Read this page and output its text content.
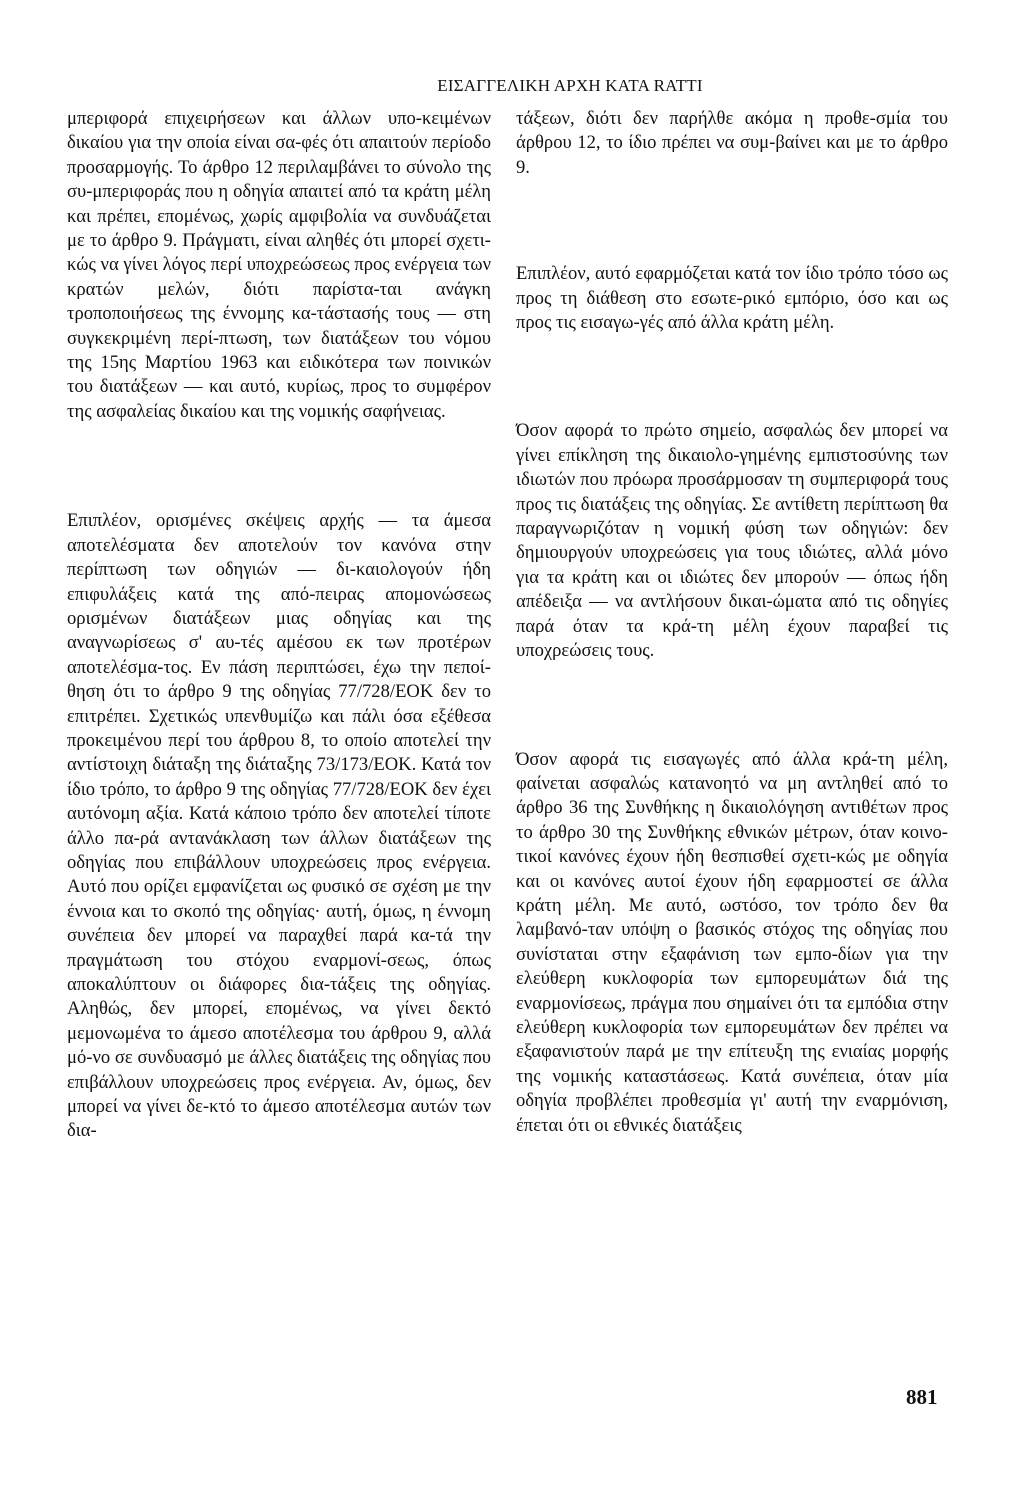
ΕΙΣΑΓΓΕΛΙΚΗ ΑΡΧΗ ΚΑΤΑ RATTI

μπεριφορά επιχειρήσεων και άλλων υπο-κειμένων δικαίου για την οποία είναι σα-φές ότι απαιτούν περίοδο προσαρμογής. Το άρθρο 12 περιλαμβάνει το σύνολο της συ-μπεριφοράς που η οδηγία απαιτεί από τα κράτη μέλη και πρέπει, επομένως, χωρίς αμφιβολία να συνδυάζεται με το άρθρο 9. Πράγματι, είναι αληθές ότι μπορεί σχετι-κώς να γίνει λόγος περί υποχρεώσεως προς ενέργεια των κρατών μελών, διότι παρίστα-ται ανάγκη τροποποιήσεως της έννομης κα-τάστασής τους — στη συγκεκριμένη περί-πτωση, των διατάξεων του νόμου της 15ης Μαρτίου 1963 και ειδικότερα των ποινικών του διατάξεων — και αυτό, κυρίως, προς το συμφέρον της ασφαλείας δικαίου και της νομικής σαφήνειας.

Επιπλέον, ορισμένες σκέψεις αρχής — τα άμεσα αποτελέσματα δεν αποτελούν τον κανόνα στην περίπτωση των οδηγιών — δι-καιολογούν ήδη επιφυλάξεις κατά της από-πειρας απομονώσεως ορισμένων διατάξεων μιας οδηγίας και της αναγνωρίσεως σ' αυ-τές αμέσου εκ των προτέρων αποτελέσμα-τος. Εν πάση περιπτώσει, έχω την πεποί-θηση ότι το άρθρο 9 της οδηγίας 77/728/ΕΟΚ δεν το επιτρέπει. Σχετικώς υπενθυμίζω και πάλι όσα εξέθεσα προκειμένου περί του άρθρου 8, το οποίο αποτελεί την αντίστοιχη διάταξη της διάταξης 73/173/ΕΟΚ. Κατά τον ίδιο τρόπο, το άρθρο 9 της οδηγίας 77/728/ΕΟΚ δεν έχει αυτόνομη αξία. Κατά κάποιο τρόπο δεν αποτελεί τίποτε άλλο πα-ρά αντανάκλαση των άλλων διατάξεων της οδηγίας που επιβάλλουν υποχρεώσεις προς ενέργεια. Αυτό που ορίζει εμφανίζεται ως φυσικό σε σχέση με την έννοια και το σκοπό της οδηγίας· αυτή, όμως, η έννομη συνέπεια δεν μπορεί να παραχθεί παρά κα-τά την πραγμάτωση του στόχου εναρμονί-σεως, όπως αποκαλύπτουν οι διάφορες δια-τάξεις της οδηγίας. Αληθώς, δεν μπορεί, επομένως, να γίνει δεκτό μεμονωμένα το άμεσο αποτέλεσμα του άρθρου 9, αλλά μό-νο σε συνδυασμό με άλλες διατάξεις της οδηγίας που επιβάλλουν υποχρεώσεις προς ενέργεια. Αν, όμως, δεν μπορεί να γίνει δε-κτό το άμεσο αποτέλεσμα αυτών των δια-

τάξεων, διότι δεν παρήλθε ακόμα η προθε-σμία του άρθρου 12, το ίδιο πρέπει να συμ-βαίνει και με το άρθρο 9.

Επιπλέον, αυτό εφαρμόζεται κατά τον ίδιο τρόπο τόσο ως προς τη διάθεση στο εσωτε-ρικό εμπόριο, όσο και ως προς τις εισαγω-γές από άλλα κράτη μέλη.

Όσον αφορά το πρώτο σημείο, ασφαλώς δεν μπορεί να γίνει επίκληση της δικαιολο-γημένης εμπιστοσύνης των ιδιωτών που πρόωρα προσάρμοσαν τη συμπεριφορά τους προς τις διατάξεις της οδηγίας. Σε αντίθετη περίπτωση θα παραγνωριζόταν η νομική φύση των οδηγιών: δεν δημιουργούν υποχρεώσεις για τους ιδιώτες, αλλά μόνο για τα κράτη και οι ιδιώτες δεν μπορούν — όπως ήδη απέδειξα — να αντλήσουν δικαι-ώματα από τις οδηγίες παρά όταν τα κρά-τη μέλη έχουν παραβεί τις υποχρεώσεις τους.

Όσον αφορά τις εισαγωγές από άλλα κρά-τη μέλη, φαίνεται ασφαλώς κατανοητό να μη αντληθεί από το άρθρο 36 της Συνθήκης η δικαιολόγηση αντιθέτων προς το άρθρο 30 της Συνθήκης εθνικών μέτρων, όταν κοινο-τικοί κανόνες έχουν ήδη θεσπισθεί σχετι-κώς με οδηγία και οι κανόνες αυτοί έχουν ήδη εφαρμοστεί σε άλλα κράτη μέλη. Με αυτό, ωστόσο, τον τρόπο δεν θα λαμβανό-ταν υπόψη ο βασικός στόχος της οδηγίας που συνίσταται στην εξαφάνιση των εμπο-δίων για την ελεύθερη κυκλοφορία των εμπορευμάτων διά της εναρμονίσεως, πράγμα που σημαίνει ότι τα εμπόδια στην ελεύθερη κυκλοφορία των εμπορευμάτων δεν πρέπει να εξαφανιστούν παρά με την επίτευξη της ενιαίας μορφής της νομικής καταστάσεως. Κατά συνέπεια, όταν μία οδηγία προβλέπει προθεσμία γι' αυτή την εναρμόνιση, έπεται ότι οι εθνικές διατάξεις

881
